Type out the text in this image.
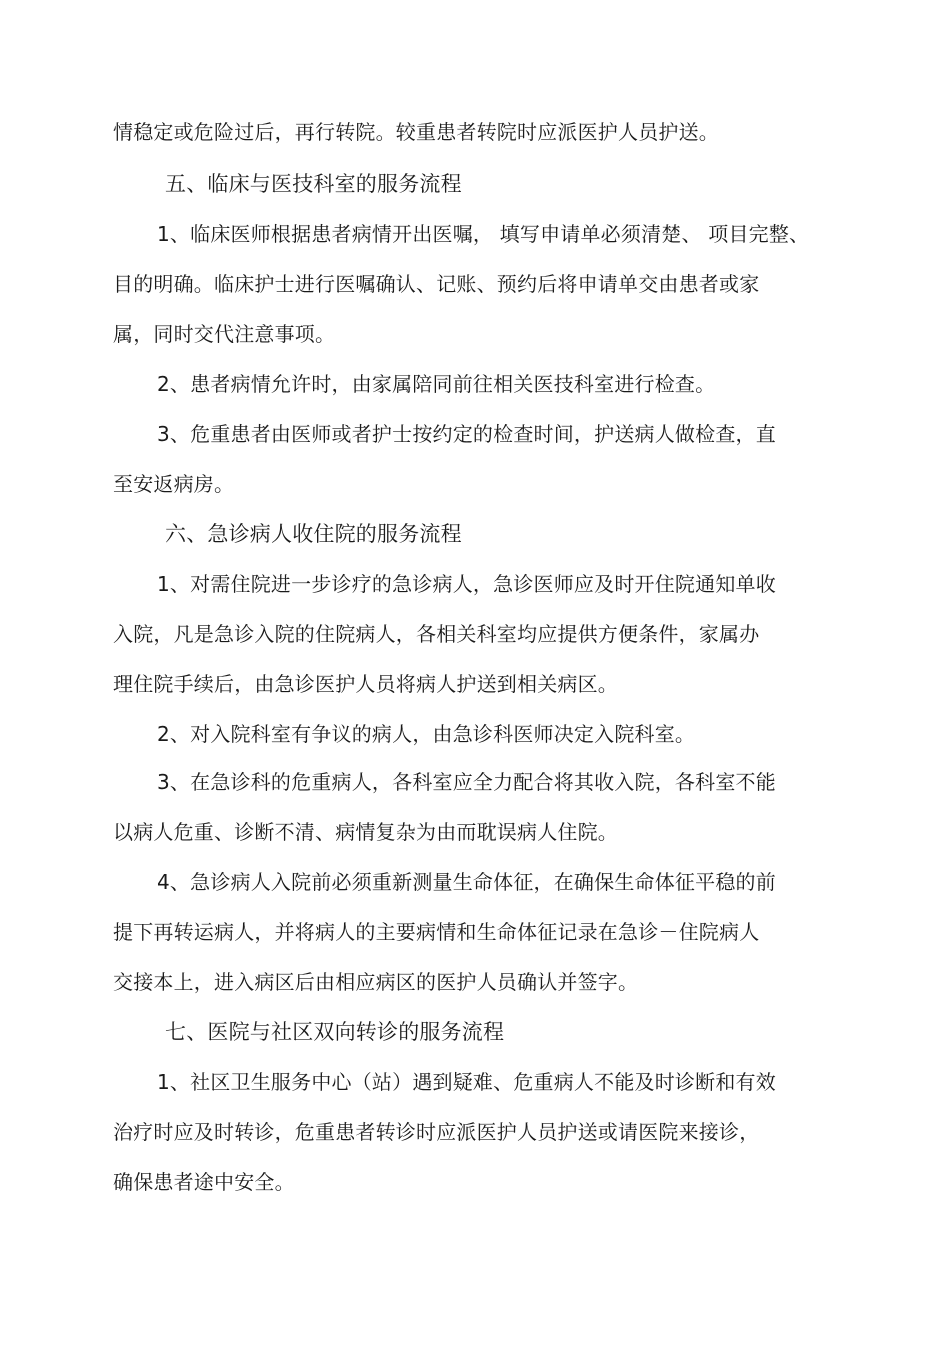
情稳定或危险过后，再行转院。较重患者转院时应派医护人员护送。
五、临床与医技科室的服务流程
1、临床医师根据患者病情开出医嘱， 填写申请单必须清楚、 项目完整、
目的明确。临床护士进行医嘱确认、记账、预约后将申请单交由患者或家
属，同时交代注意事项。
2、患者病情允许时，由家属陪同前往相关医技科室进行检查。
3、危重患者由医师或者护士按约定的检查时间，护送病人做检查，直
至安返病房。
六、急诊病人收住院的服务流程
1、对需住院进一步诊疗的急诊病人，急诊医师应及时开住院通知单收
入院，凡是急诊入院的住院病人，各相关科室均应提供方便条件，家属办
理住院手续后，由急诊医护人员将病人护送到相关病区。
2、对入院科室有争议的病人，由急诊科医师决定入院科室。
3、在急诊科的危重病人，各科室应全力配合将其收入院，各科室不能
以病人危重、诊断不清、病情复杂为由而耽误病人住院。
4、急诊病人入院前必须重新测量生命体征，在确保生命体征平稳的前
提下再转运病人，并将病人的主要病情和生命体征记录在急诊－住院病人
交接本上，进入病区后由相应病区的医护人员确认并签字。
七、医院与社区双向转诊的服务流程
1、社区卫生服务中心（站）遇到疑难、危重病人不能及时诊断和有效
治疗时应及时转诊，危重患者转诊时应派医护人员护送或请医院来接诊，
确保患者途中安全。
